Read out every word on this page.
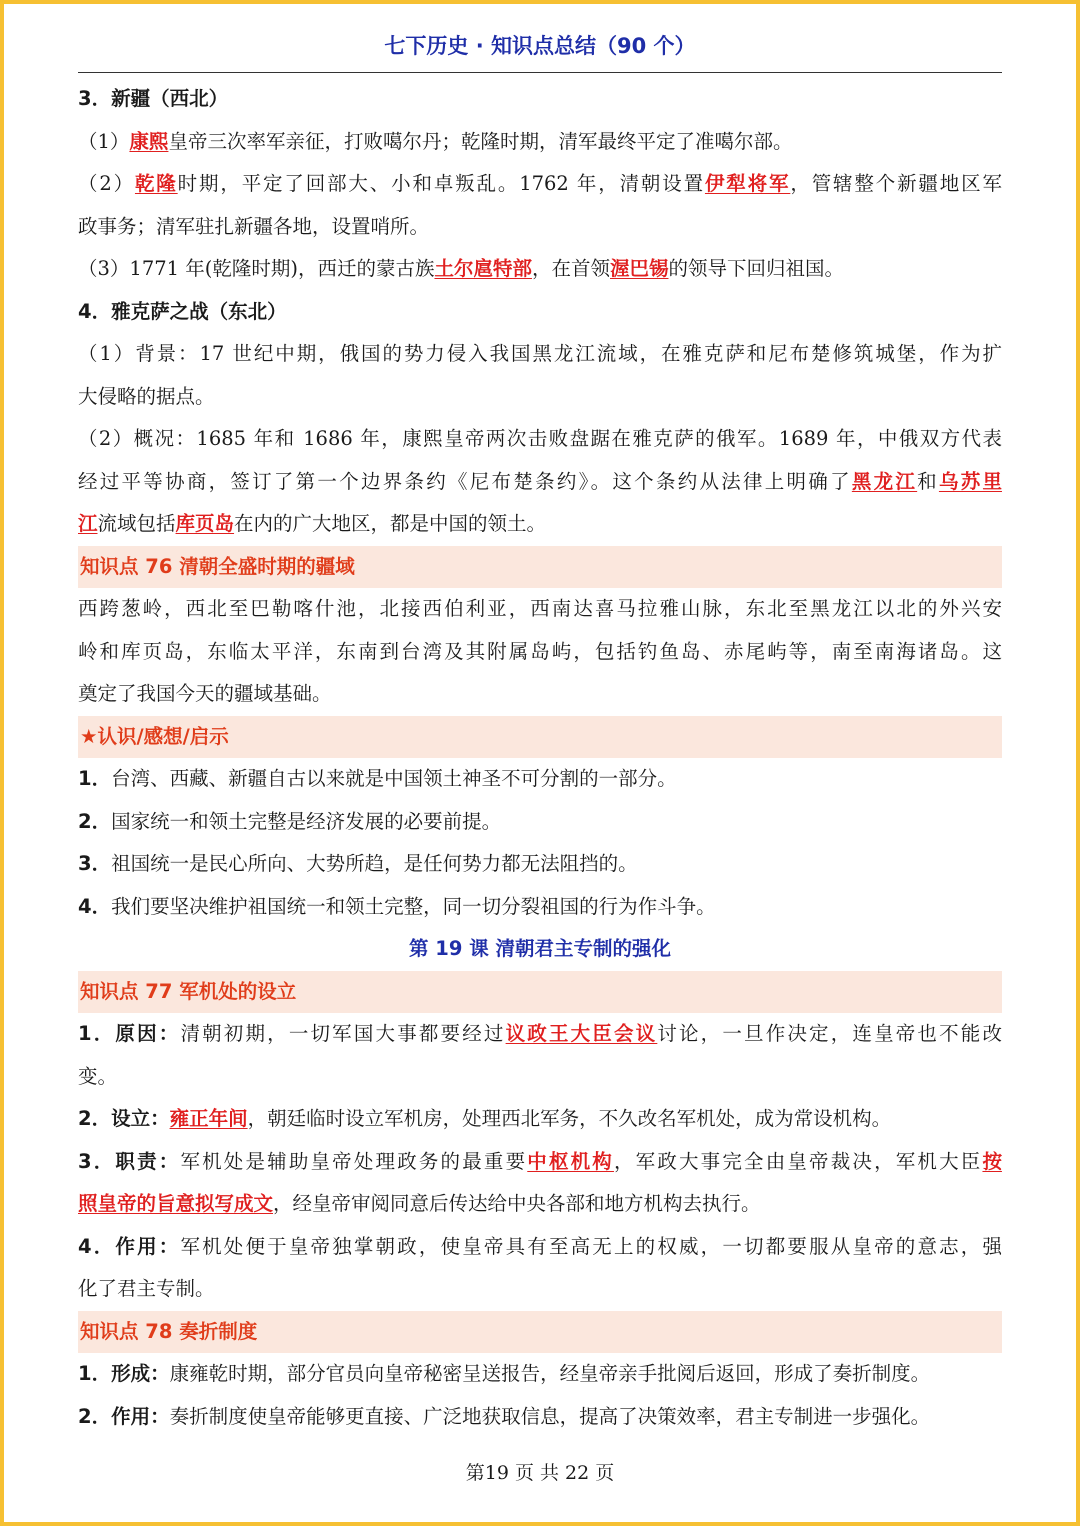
七下历史 · 知识点总结（90 个）
3．新疆（西北）
（1）康熙皇帝三次率军亲征，打败噶尔丹；乾隆时期，清军最终平定了准噶尔部。
（2）乾隆时期，平定了回部大、小和卓叛乱。1762 年，清朝设置伊犁将军，管辖整个新疆地区军
政事务；清军驻扎新疆各地，设置哨所。
（3）1771 年(乾隆时期)，西迁的蒙古族土尔扈特部，在首领渥巴锡的领导下回归祖国。
4．雅克萨之战（东北）
（1）背景：17 世纪中期，俄国的势力侵入我国黑龙江流域，在雅克萨和尼布楚修筑城堡，作为扩
大侵略的据点。
（2）概况：1685 年和 1686 年，康熙皇帝两次击败盘踞在雅克萨的俄军。1689 年，中俄双方代表
经过平等协商，签订了第一个边界条约《尼布楚条约》。这个条约从法律上明确了黑龙江和乌苏里
江流域包括库页岛在内的广大地区，都是中国的领土。
知识点 76 清朝全盛时期的疆域
西跨葱岭，西北至巴勒喀什池，北接西伯利亚，西南达喜马拉雅山脉，东北至黑龙江以北的外兴安
岭和库页岛，东临太平洋，东南到台湾及其附属岛屿，包括钓鱼岛、赤尾屿等，南至南海诸岛。这
奠定了我国今天的疆域基础。
★认识/感想/启示
1．台湾、西藏、新疆自古以来就是中国领土神圣不可分割的一部分。
2．国家统一和领土完整是经济发展的必要前提。
3．祖国统一是民心所向、大势所趋，是任何势力都无法阻挡的。
4．我们要坚决维护祖国统一和领土完整，同一切分裂祖国的行为作斗争。
第 19 课 清朝君主专制的强化
知识点 77 军机处的设立
1．原因：清朝初期，一切军国大事都要经过议政王大臣会议讨论，一旦作决定，连皇帝也不能改
变。
2．设立：雍正年间，朝廷临时设立军机房，处理西北军务，不久改名军机处，成为常设机构。
3．职责：军机处是辅助皇帝处理政务的最重要中枢机构，军政大事完全由皇帝裁决，军机大臣按
照皇帝的旨意拟写成文，经皇帝审阅同意后传达给中央各部和地方机构去执行。
4．作用：军机处便于皇帝独掌朝政，使皇帝具有至高无上的权威，一切都要服从皇帝的意志，强
化了君主专制。
知识点 78 奏折制度
1．形成：康雍乾时期，部分官员向皇帝秘密呈送报告，经皇帝亲手批阅后返回，形成了奏折制度。
2．作用：奏折制度使皇帝能够更直接、广泛地获取信息，提高了决策效率，君主专制进一步强化。
第19 页 共 22 页
